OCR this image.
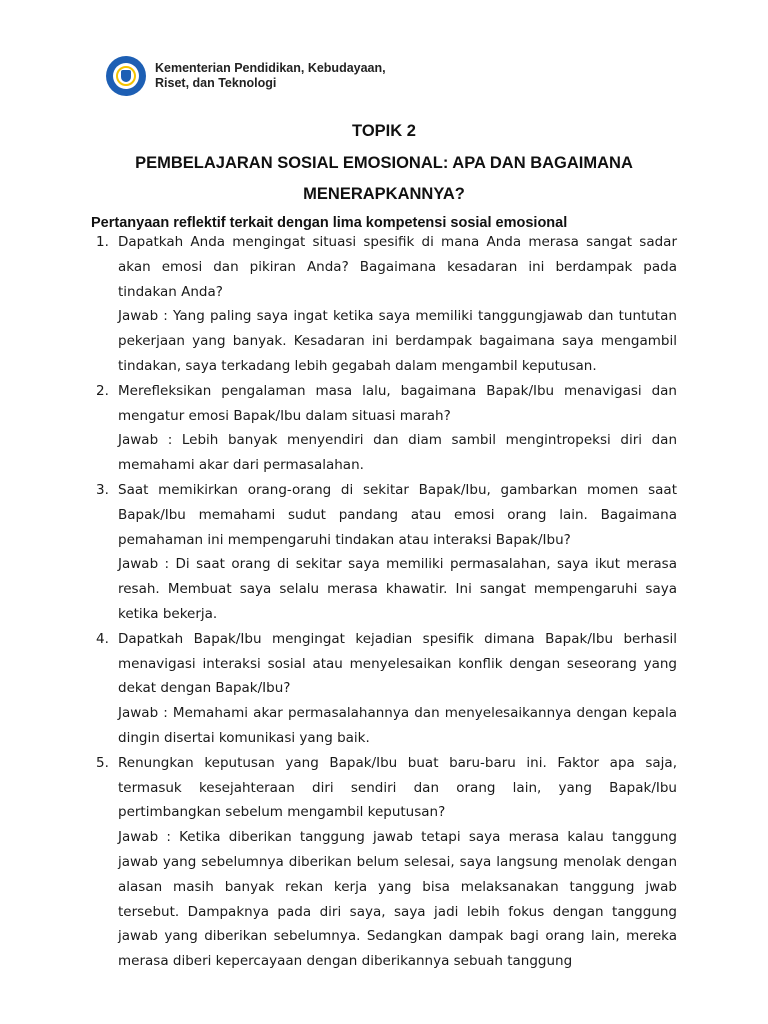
Kementerian Pendidikan, Kebudayaan,
Riset, dan Teknologi
TOPIK 2
PEMBELAJARAN SOSIAL EMOSIONAL: APA DAN BAGAIMANA
MENERAPKANNYA?
Pertanyaan reflektif terkait dengan lima kompetensi sosial emosional
1. Dapatkah Anda mengingat situasi spesifik di mana Anda merasa sangat sadar akan emosi dan pikiran Anda? Bagaimana kesadaran ini berdampak pada tindakan Anda?

Jawab : Yang paling saya ingat ketika saya memiliki tanggungjawab dan tuntutan pekerjaan yang banyak. Kesadaran ini berdampak bagaimana saya mengambil tindakan, saya terkadang lebih gegabah dalam mengambil keputusan.

2. Merefleksikan pengalaman masa lalu, bagaimana Bapak/Ibu menavigasi dan mengatur emosi Bapak/Ibu dalam situasi marah?

Jawab : Lebih banyak menyendiri dan diam sambil mengintropeksi diri dan memahami akar dari permasalahan.

3. Saat memikirkan orang-orang di sekitar Bapak/Ibu, gambarkan momen saat Bapak/Ibu memahami sudut pandang atau emosi orang lain. Bagaimana pemahaman ini mempengaruhi tindakan atau interaksi Bapak/Ibu?

Jawab : Di saat orang di sekitar saya memiliki permasalahan, saya ikut merasa resah. Membuat saya selalu merasa khawatir. Ini sangat mempengaruhi saya ketika bekerja.

4. Dapatkah Bapak/Ibu mengingat kejadian spesifik dimana Bapak/Ibu berhasil menavigasi interaksi sosial atau menyelesaikan konflik dengan seseorang yang dekat dengan Bapak/Ibu?

Jawab : Memahami akar permasalahannya dan menyelesaikannya dengan kepala dingin disertai komunikasi yang baik.

5. Renungkan keputusan yang Bapak/Ibu buat baru-baru ini. Faktor apa saja, termasuk kesejahteraan diri sendiri dan orang lain, yang Bapak/Ibu pertimbangkan sebelum mengambil keputusan?

Jawab : Ketika diberikan tanggung jawab tetapi saya merasa kalau tanggung jawab yang sebelumnya diberikan belum selesai, saya langsung menolak dengan alasan masih banyak rekan kerja yang bisa melaksanakan tanggung jwab tersebut. Dampaknya pada diri saya, saya jadi lebih fokus dengan tanggung jawab yang diberikan sebelumnya. Sedangkan dampak bagi orang lain, mereka merasa diberi kepercayaan dengan diberikannya sebuah tanggung
